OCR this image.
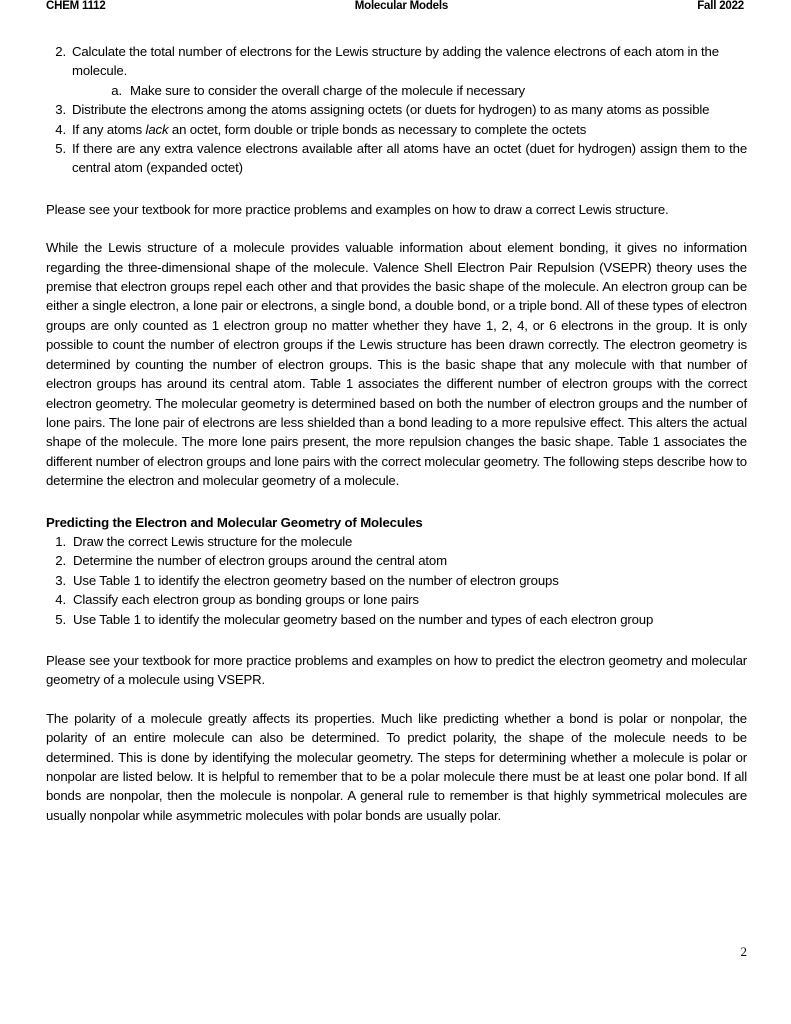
CHEM 1112	Molecular Models	Fall 2022
2. Calculate the total number of electrons for the Lewis structure by adding the valence electrons of each atom in the molecule.
a. Make sure to consider the overall charge of the molecule if necessary
3. Distribute the electrons among the atoms assigning octets (or duets for hydrogen) to as many atoms as possible
4. If any atoms lack an octet, form double or triple bonds as necessary to complete the octets
5. If there are any extra valence electrons available after all atoms have an octet (duet for hydrogen) assign them to the central atom (expanded octet)

Please see your textbook for more practice problems and examples on how to draw a correct Lewis structure.

While the Lewis structure of a molecule provides valuable information about element bonding, it gives no information regarding the three-dimensional shape of the molecule. Valence Shell Electron Pair Repulsion (VSEPR) theory uses the premise that electron groups repel each other and that provides the basic shape of the molecule. An electron group can be either a single electron, a lone pair or electrons, a single bond, a double bond, or a triple bond. All of these types of electron groups are only counted as 1 electron group no matter whether they have 1, 2, 4, or 6 electrons in the group. It is only possible to count the number of electron groups if the Lewis structure has been drawn correctly. The electron geometry is determined by counting the number of electron groups. This is the basic shape that any molecule with that number of electron groups has around its central atom. Table 1 associates the different number of electron groups with the correct electron geometry. The molecular geometry is determined based on both the number of electron groups and the number of lone pairs. The lone pair of electrons are less shielded than a bond leading to a more repulsive effect. This alters the actual shape of the molecule. The more lone pairs present, the more repulsion changes the basic shape. Table 1 associates the different number of electron groups and lone pairs with the correct molecular geometry. The following steps describe how to determine the electron and molecular geometry of a molecule.

Predicting the Electron and Molecular Geometry of Molecules
1. Draw the correct Lewis structure for the molecule
2. Determine the number of electron groups around the central atom
3. Use Table 1 to identify the electron geometry based on the number of electron groups
4. Classify each electron group as bonding groups or lone pairs
5. Use Table 1 to identify the molecular geometry based on the number and types of each electron group

Please see your textbook for more practice problems and examples on how to predict the electron geometry and molecular geometry of a molecule using VSEPR.

The polarity of a molecule greatly affects its properties. Much like predicting whether a bond is polar or nonpolar, the polarity of an entire molecule can also be determined. To predict polarity, the shape of the molecule needs to be determined. This is done by identifying the molecular geometry. The steps for determining whether a molecule is polar or nonpolar are listed below. It is helpful to remember that to be a polar molecule there must be at least one polar bond. If all bonds are nonpolar, then the molecule is nonpolar. A general rule to remember is that highly symmetrical molecules are usually nonpolar while asymmetric molecules with polar bonds are usually polar.

2
